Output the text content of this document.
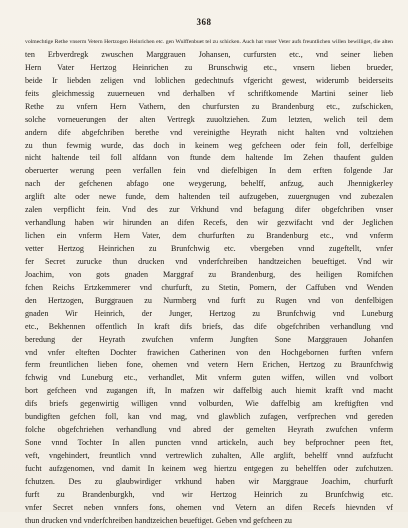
368
volmechtige Rethe vnserm Vetern Hertzogen Heinrichen etc. gen Wulffenbuet tel zu schicken. Auch hat vnser Veter aufs freuntlichen willen bewilliget, die alten
ten Erbverdregk zwuschen Marggrauen Johansen, curfursten etc., vnd seiner lieben
Hern Vater Hertzog Heinrichen zu Brunschwig etc., vnsern lieben brueder,
beide Ir liebden zeligen vnd loblichen gedechtnufs vfgericht gewest, widerumb beiderseits
feits gleichmessig zuuerneuen vnd derhalben vf schriftkomende Martini seiner lieb
Rethe zu vnfern Hern Vathern, den churfursten zu Brandenburg etc., zufschicken,
solche vorneuerungen der alten Vertregk zuuoltziehen. Zum letzten, welich teil dem
andern dife abgefchriben berethe vnd vereinigthe Heyrath nicht halten vnd voltziehen
zu thun fewmig wurde, das doch in keinem weg gefcheen oder fein foll, derfelbige
nicht haltende teil foll alfdann von ftunde dem haltende Im Zehen thaufent gulden
oberuerter werung peen verfallen fein vnd diefelbigen In dem erften folgende Jar
nach der gefchenen abfago one weygerung, behelff, anfzug, auch Jhennigkerley
arglift alte oder newe funde, dem haltenden teil aufzugeben, zuuergnugen vnd zubezalen
zalen verpflicht fein. Vnd des zur Vrkhund vnd befagung difer obgefchriben vnser
verhandlung haben wir hirunden an difen Recefs, den wir gezwifacht vnd der Jeglichen
lichen ein vnferm Hern Vater, dem churfurften zu Brandenburg etc., vnd vnferm
vetter Hertzog Heinrichen zu Brunfchwig etc. vbergeben vnnd zugeftellt, vnfer
fer Secret zurucke thun drucken vnd vnderfchreiben handtzeichen beueftiget. Vnd wir
Joachim, von gots gnaden Marggraf zu Brandenburg, des heiligen Romifchen
fchen Reichs Ertzkemmerer vnd churfurft, zu Stetin, Pomern, der Caffuben vnd Wenden
den Hertzogen, Burggrauen zu Nurmberg vnd furft zu Rugen vnd von denfelbigen
gnaden Wir Heinrich, der Junger, Hertzog zu Brunfchwig vnd Luneburg
etc., Bekhennen offentlich In kraft difs briefs, das dife obgefchriben verhandlung vnd
beredung der Heyrath zwufchen vnferm Jungften Sone Marggrauen Johanfen
vnd vnfer elteften Dochter frawichen Catherinen von den Hochgebornen furften vnfern
ferm freuntlichen lieben fone, ohemen vnd vetern Hern Erichen, Hertzog zu Braunfchwig
fchwig vnd Luneburg etc., verhandlet, Mit vnferm guten wiffen, willen vnd volbort
bort gefcheen vnd zugangen ift, In mafzen wir daffelbig auch hiemit krafft vnd macht
difs briefs gegenwirtig willigen vnnd volburden, Wie daffelbig am kreftigften vnd
bundigften gefchen foll, kan vnd mag, vnd glawblich zufagen, verfprechen vnd gereden
folche obgefchriehen verhandlung vnd abred der gemelten Heyrath zwufchen vnferm
Sone vnnd Tochter In allen puncten vnnd artickeln, auch bey befprochner peen ftet,
veft, vngehindert, freuntlich vnnd vertrewlich zuhalten, Alle arglift, behelff vnnd aufzfucht
fucht aufzgenomen, vnd damit In keinem weg hiertzu entgegen zu behelffen oder zufchutzen.
fchutzen. Des zu glaubwirdiger vrkhund haben wir Marggraue Joachim, churfurft
furft zu Brandenburgkh, vnd wir Hertzog Heinrich zu Brunfchwig etc.
vnfer Secret neben vnnfers fons, ohemen vnd Vetern an difen Recefs hievnden vf
thun drucken vnd vnderfchreiben handtzeichen beueftiget. Geben vnd gefcheen zu
